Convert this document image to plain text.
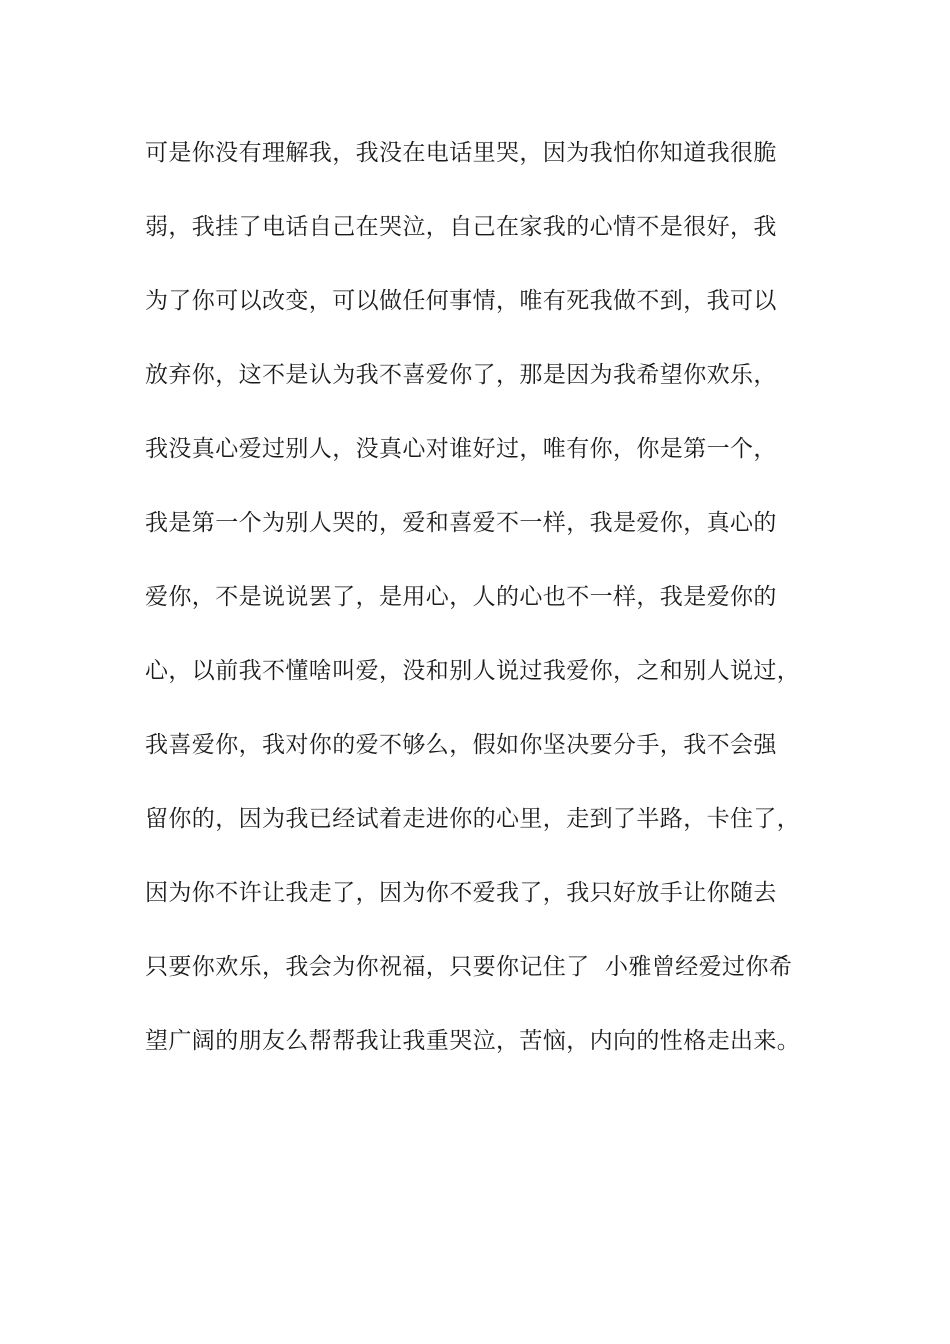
可是你没有理解我，我没在电话里哭，因为我怕你知道我很脆
弱，我挂了电话自己在哭泣，自己在家我的心情不是很好，我
为了你可以改变，可以做任何事情，唯有死我做不到，我可以
放弃你，这不是认为我不喜爱你了，那是因为我希望你欢乐，
我没真心爱过别人，没真心对谁好过，唯有你，你是第一个，
我是第一个为别人哭的，爱和喜爱不一样，我是爱你，真心的
爱你，不是说说罢了，是用心，人的心也不一样，我是爱你的
心，以前我不懂啥叫爱，没和别人说过我爱你，之和别人说过，
我喜爱你，我对你的爱不够么，假如你坚决要分手，我不会强
留你的，因为我已经试着走进你的心里，走到了半路，卡住了，
因为你不许让我走了，因为你不爱我了，我只好放手让你随去
只要你欢乐，我会为你祝福，只要你记住了  小雅曾经爱过你希
望广阔的朋友么帮帮我让我重哭泣，苦恼，内向的性格走出来。
